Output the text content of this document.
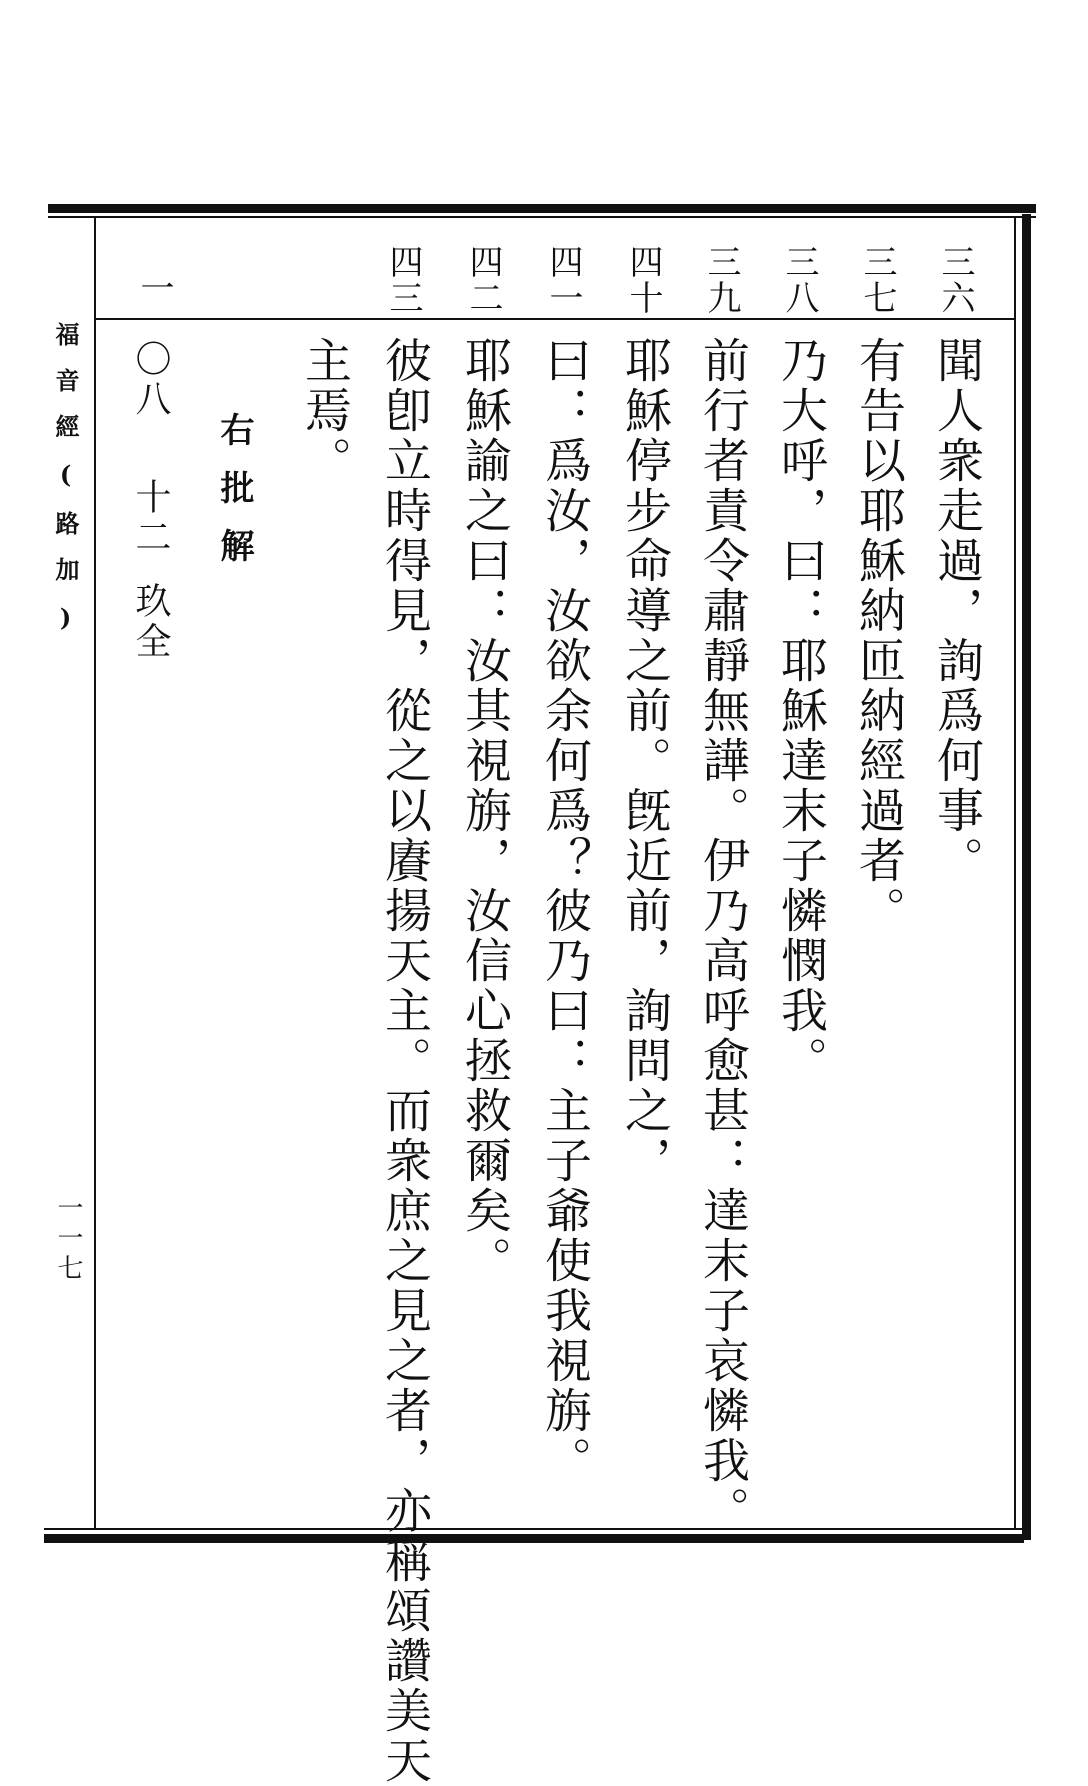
福音經(路加)
一一七
三六
三七
三八
三九
四十
四一
四二
四三
一
聞人衆走過，詢爲何事。
有告以耶穌納匝納經過者。
乃大呼，曰：耶穌達末子憐憫我。
前行者責令肅靜無譁。伊乃高呼愈甚：達末子哀憐我。
耶穌停步命導之前。旣近前，詢問之，
曰：爲汝，汝欲余何爲？彼乃曰：主子爺使我視旃。
耶穌諭之曰：汝其視旃，汝信心拯救爾矣。
彼卽立時得見，從之以賡揚天主。而衆庶之見之者，亦稱頌讚美天
主焉。
右批解
〇八
十二
玖全
